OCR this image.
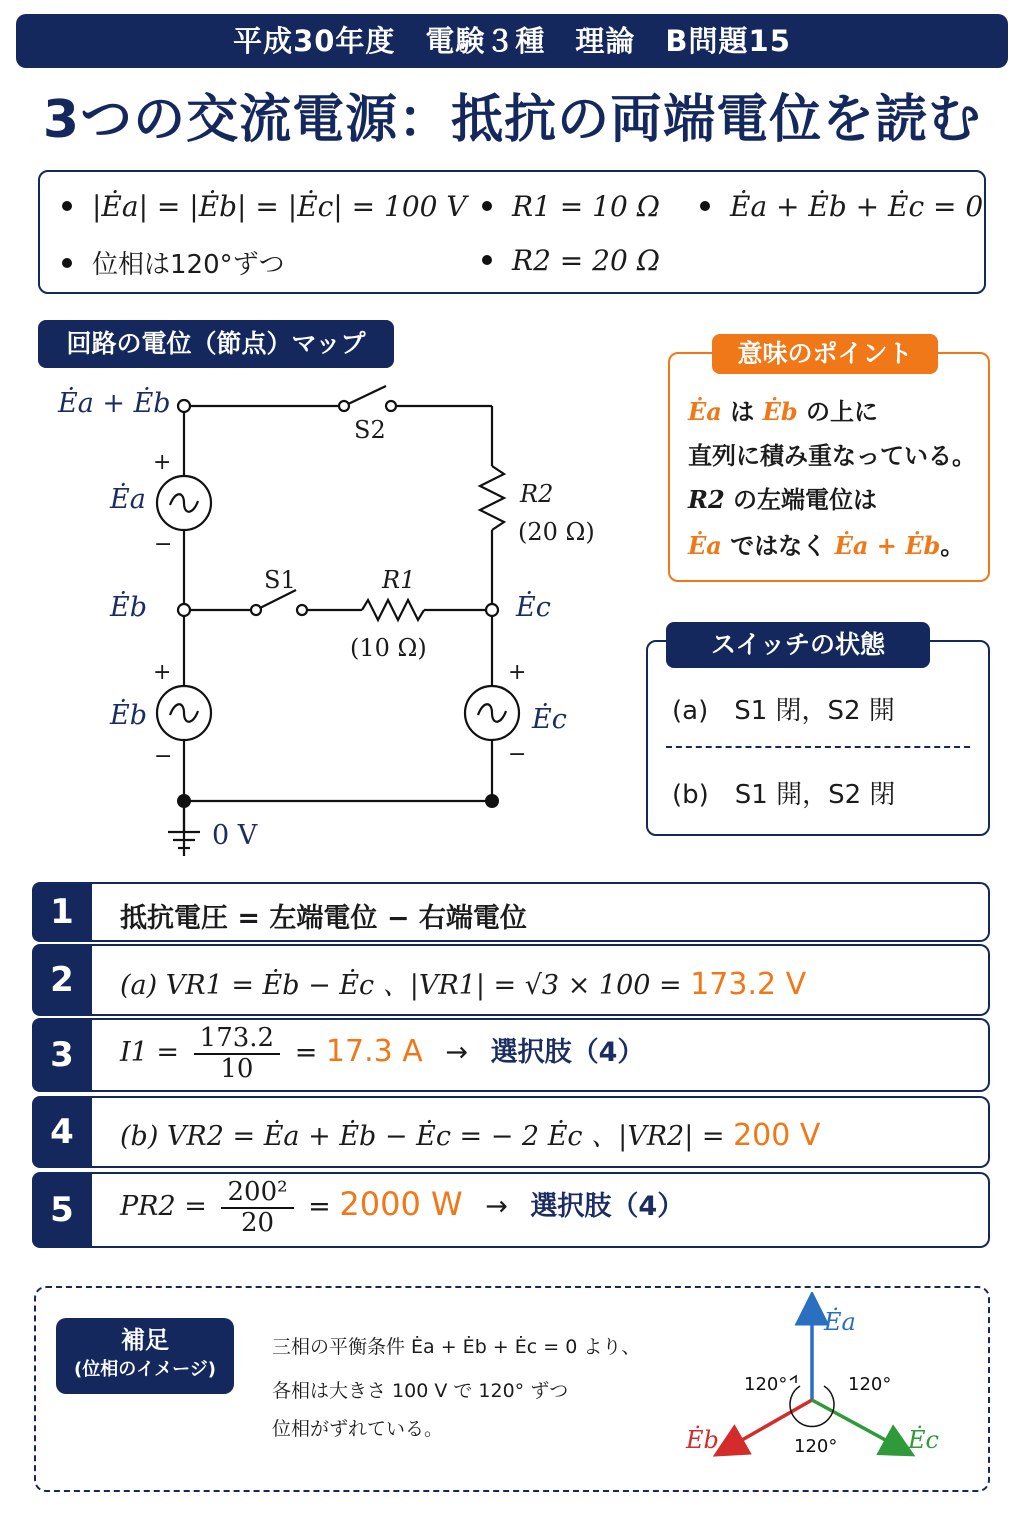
平成30年度　電験３種　理論　B問題15
3つの交流電源：抵抗の両端電位を読む
|Ėa| = |Ėb| = |Ėc| = 100 V
位相は120°ずつ
R1 = 10 Ω
R2 = 20 Ω
Ėa + Ėb + Ėc = 0
回路の電位（節点）マップ
Ėa + Ėb
+
Ėa
−
Ėb
+
Ėb
−
0 V
S2
S1	R1
(10 Ω)
R2
(20 Ω)
Ėc
+
Ėc
−
意味のポイント
Ėa は Ėb の上に
直列に積み重なっている。
R2 の左端電位は
Ėa ではなく Ėa + Ėb。
スイッチの状態
(a)　S1 閉，S2 開
(b)　S1 開，S2 閉
1	抵抗電圧 = 左端電位 − 右端電位
2	(a) VR1 = Ėb − Ėc 、|VR1| = √3 × 100 = 173.2 V
3	$I1 = \frac{173.2}{10} = 17.3$ A → 選択肢（4）
4	(b) VR2 = Ėa + Ėb − Ėc = − 2 Ėc 、|VR2| = 200 V
5	$PR2 = \frac{\text{200²}}{20} = 2000$ W → 選択肢（4）
補足
(位相のイメージ)
三相の平衡条件 Ėa + Ėb + Ėc = 0 より、
各相は大きさ 100 V で 120° ずつ
位相がずれている。
Ėa
Ėb	Ėc
120°	120°
120°
